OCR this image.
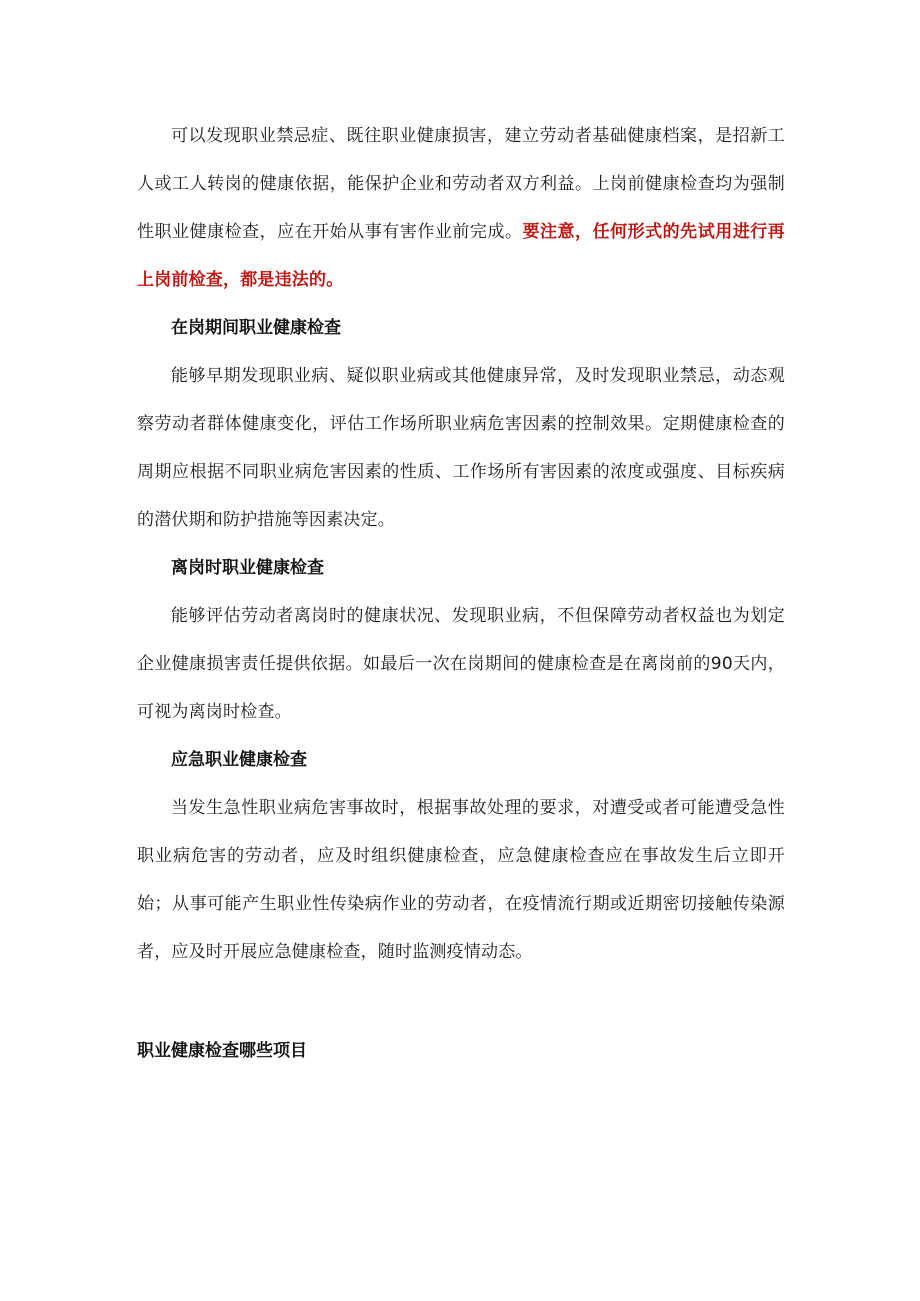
可以发现职业禁忌症、既往职业健康损害，建立劳动者基础健康档案，是招新工人或工人转岗的健康依据，能保护企业和劳动者双方利益。上岗前健康检查均为强制性职业健康检查，应在开始从事有害作业前完成。要注意，任何形式的先试用进行再上岗前检查，都是违法的。

在岗期间职业健康检查

能够早期发现职业病、疑似职业病或其他健康异常，及时发现职业禁忌，动态观察劳动者群体健康变化，评估工作场所职业病危害因素的控制效果。定期健康检查的周期应根据不同职业病危害因素的性质、工作场所有害因素的浓度或强度、目标疾病的潜伏期和防护措施等因素决定。

离岗时职业健康检查

能够评估劳动者离岗时的健康状况、发现职业病，不但保障劳动者权益也为划定企业健康损害责任提供依据。如最后一次在岗期间的健康检查是在离岗前的90天内，可视为离岗时检查。

应急职业健康检查

当发生急性职业病危害事故时，根据事故处理的要求，对遭受或者可能遭受急性职业病危害的劳动者，应及时组织健康检查，应急健康检查应在事故发生后立即开始；从事可能产生职业性传染病作业的劳动者，在疫情流行期或近期密切接触传染源者，应及时开展应急健康检查，随时监测疫情动态。

职业健康检查哪些项目
